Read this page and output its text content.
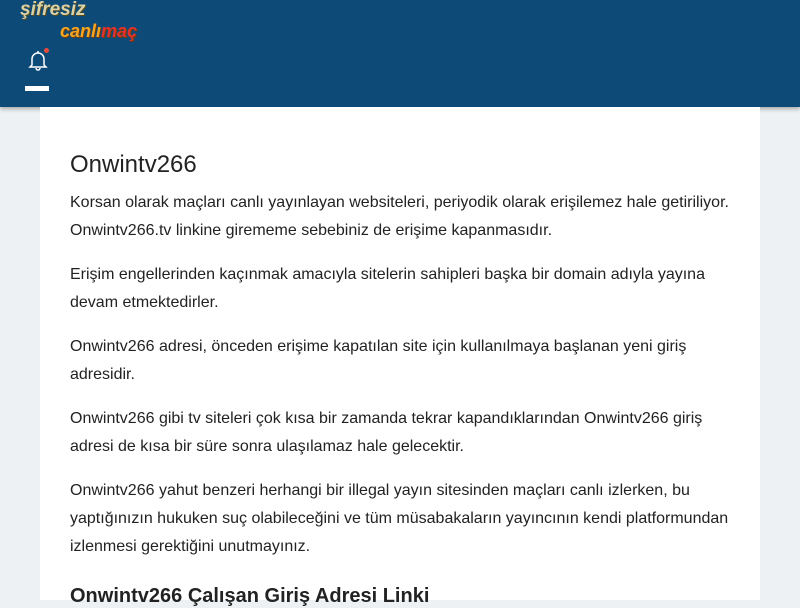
şifresiz
canlımaç
Onwintv266

Korsan olarak maçları canlı yayınlayan websiteleri, periyodik olarak erişilemez hale getiriliyor. Onwintv266.tv linkine girememe sebebiniz de erişime kapanmasıdır.

Erişim engellerinden kaçınmak amacıyla sitelerin sahipleri başka bir domain adıyla yayına devam etmektedirler.

Onwintv266 adresi, önceden erişime kapatılan site için kullanılmaya başlanan yeni giriş adresidir.

Onwintv266 gibi tv siteleri çok kısa bir zamanda tekrar kapandıklarından Onwintv266 giriş adresi de kısa bir süre sonra ulaşılamaz hale gelecektir.

Onwintv266 yahut benzeri herhangi bir illegal yayın sitesinden maçları canlı izlerken, bu yaptığınızın hukuken suç olabileceğini ve tüm müsabakaların yayıncının kendi platformundan izlenmesi gerektiğini unutmayınız.

Onwintv266 Çalışan Giriş Adresi Linki
